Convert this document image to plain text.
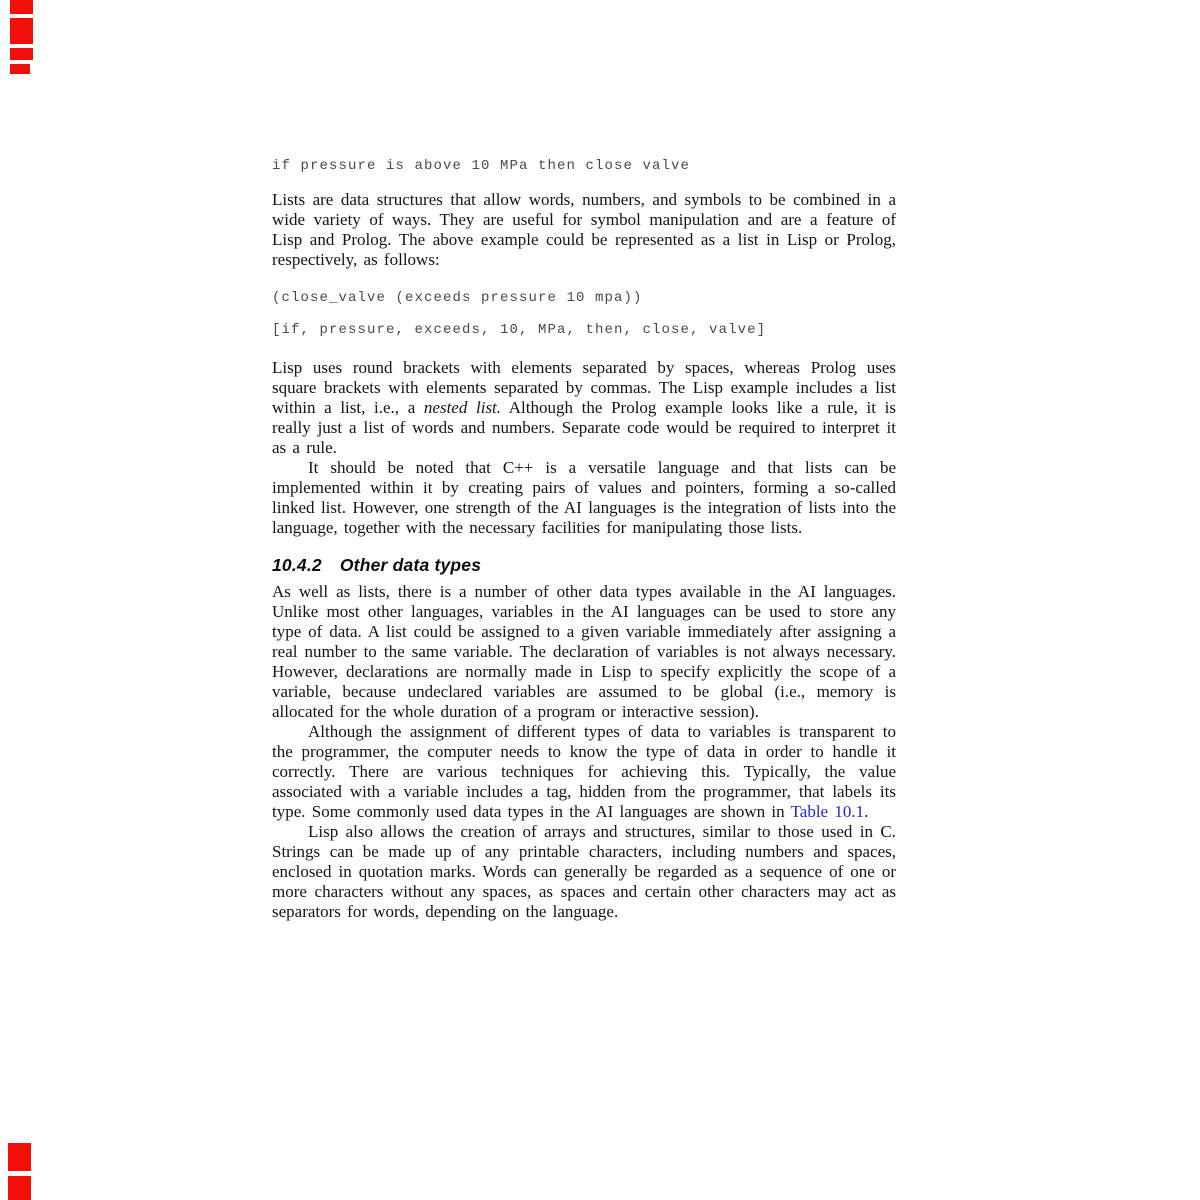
if pressure is above 10 MPa then close valve

Lists are data structures that allow words, numbers, and symbols to be combined in a wide variety of ways. They are useful for symbol manipulation and are a feature of Lisp and Prolog. The above example could be represented as a list in Lisp or Prolog, respectively, as follows:

(close_valve (exceeds pressure 10 mpa))
[if, pressure, exceeds, 10, MPa, then, close, valve]

Lisp uses round brackets with elements separated by spaces, whereas Prolog uses square brackets with elements separated by commas. The Lisp example includes a list within a list, i.e., a nested list. Although the Prolog example looks like a rule, it is really just a list of words and numbers. Separate code would be required to interpret it as a rule.

It should be noted that C++ is a versatile language and that lists can be implemented within it by creating pairs of values and pointers, forming a so-called linked list. However, one strength of the AI languages is the integration of lists into the language, together with the necessary facilities for manipulating those lists.

10.4.2 Other data types

As well as lists, there is a number of other data types available in the AI languages. Unlike most other languages, variables in the AI languages can be used to store any type of data. A list could be assigned to a given variable immediately after assigning a real number to the same variable. The declaration of variables is not always necessary. However, declarations are normally made in Lisp to specify explicitly the scope of a variable, because undeclared variables are assumed to be global (i.e., memory is allocated for the whole duration of a program or interactive session).

Although the assignment of different types of data to variables is transparent to the programmer, the computer needs to know the type of data in order to handle it correctly. There are various techniques for achieving this. Typically, the value associated with a variable includes a tag, hidden from the programmer, that labels its type. Some commonly used data types in the AI languages are shown in Table 10.1.

Lisp also allows the creation of arrays and structures, similar to those used in C. Strings can be made up of any printable characters, including numbers and spaces, enclosed in quotation marks. Words can generally be regarded as a sequence of one or more characters without any spaces, as spaces and certain other characters may act as separators for words, depending on the language.
